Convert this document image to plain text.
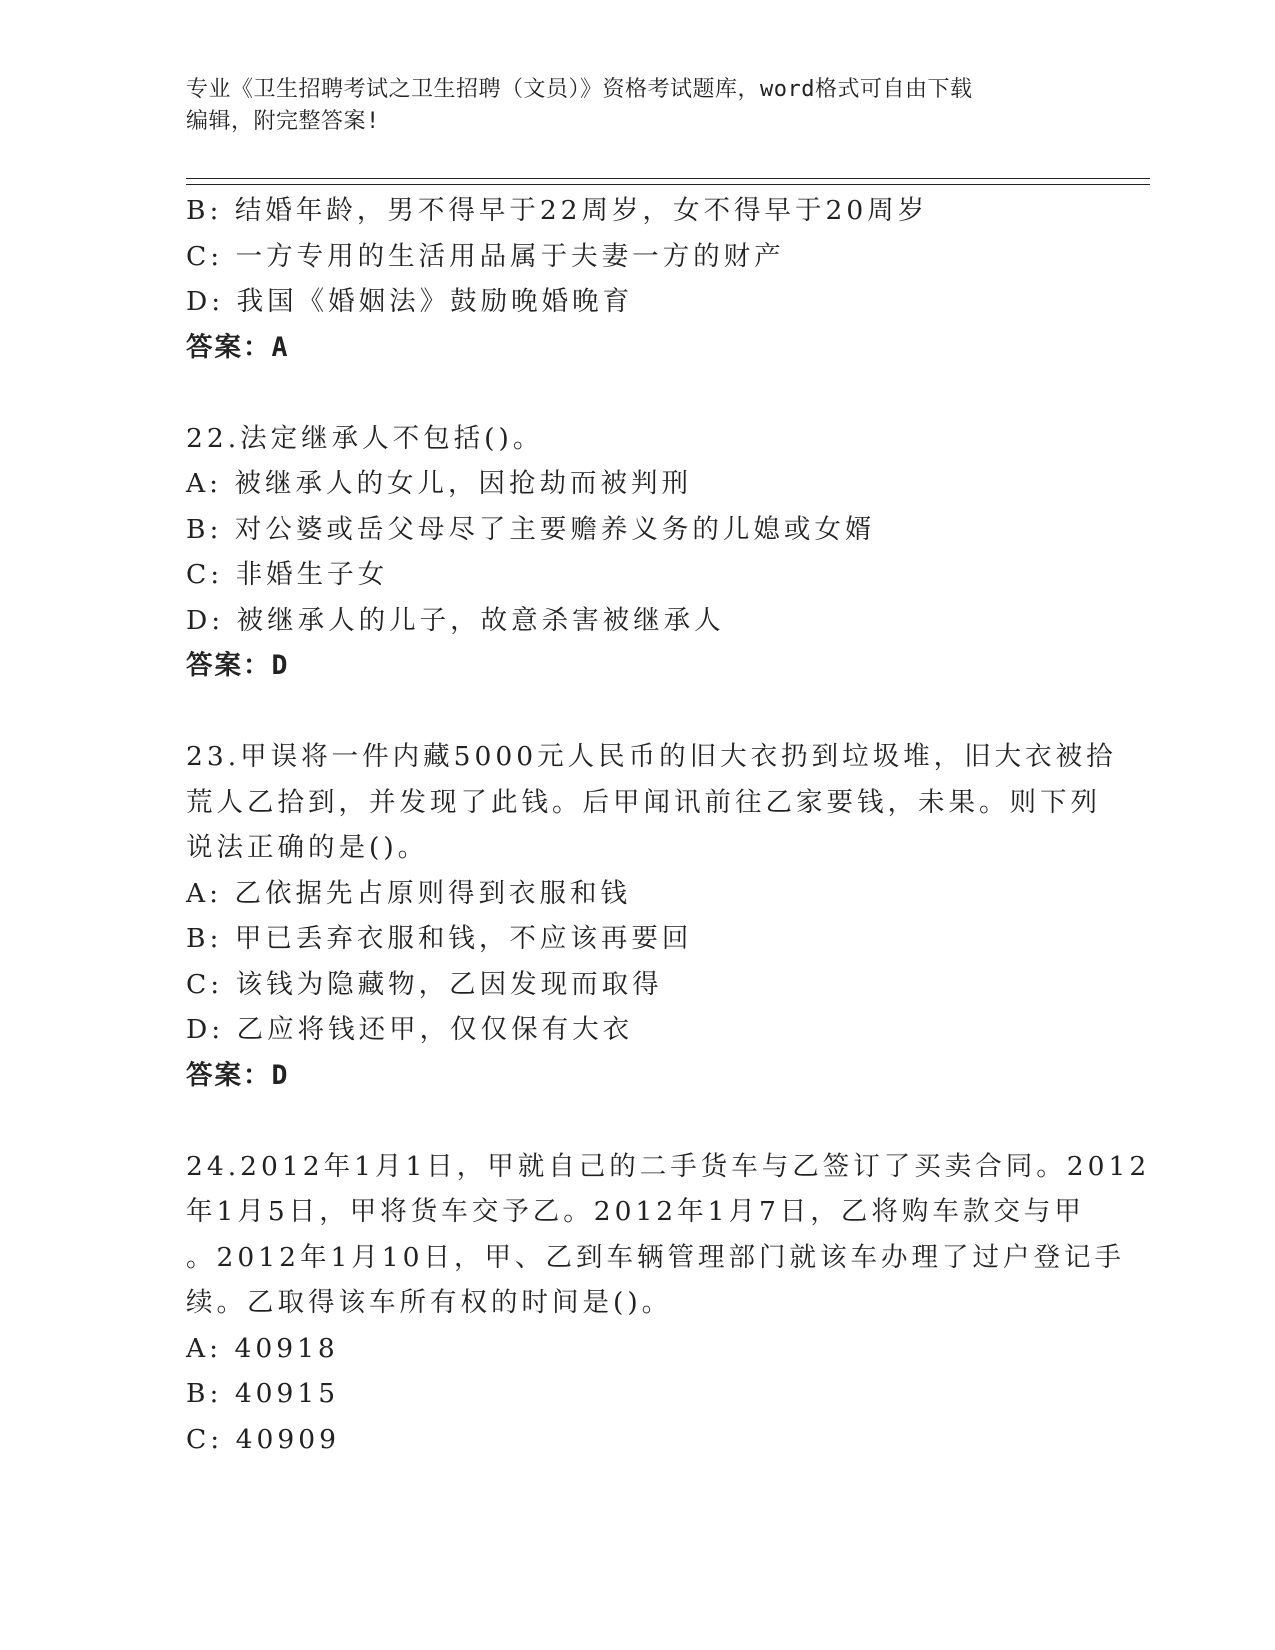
专业《卫生招聘考试之卫生招聘（文员）》资格考试题库，word格式可自由下载
编辑，附完整答案!
B: 结婚年龄，男不得早于22周岁，女不得早于20周岁
C: 一方专用的生活用品属于夫妻一方的财产
D: 我国《婚姻法》鼓励晚婚晚育
答案：A
22.法定继承人不包括()。
A: 被继承人的女儿，因抢劫而被判刑
B: 对公婆或岳父母尽了主要赡养义务的儿媳或女婿
C: 非婚生子女
D: 被继承人的儿子，故意杀害被继承人
答案：D
23.甲误将一件内藏5000元人民币的旧大衣扔到垃圾堆，旧大衣被拾
荒人乙拾到，并发现了此钱。后甲闻讯前往乙家要钱，未果。则下列
说法正确的是()。
A: 乙依据先占原则得到衣服和钱
B: 甲已丢弃衣服和钱，不应该再要回
C: 该钱为隐藏物，乙因发现而取得
D: 乙应将钱还甲，仅仅保有大衣
答案：D
24.2012年1月1日，甲就自己的二手货车与乙签订了买卖合同。2012
年1月5日，甲将货车交予乙。2012年1月7日，乙将购车款交与甲
。2012年1月10日，甲、乙到车辆管理部门就该车办理了过户登记手
续。乙取得该车所有权的时间是()。
A: 40918
B: 40915
C: 40909
